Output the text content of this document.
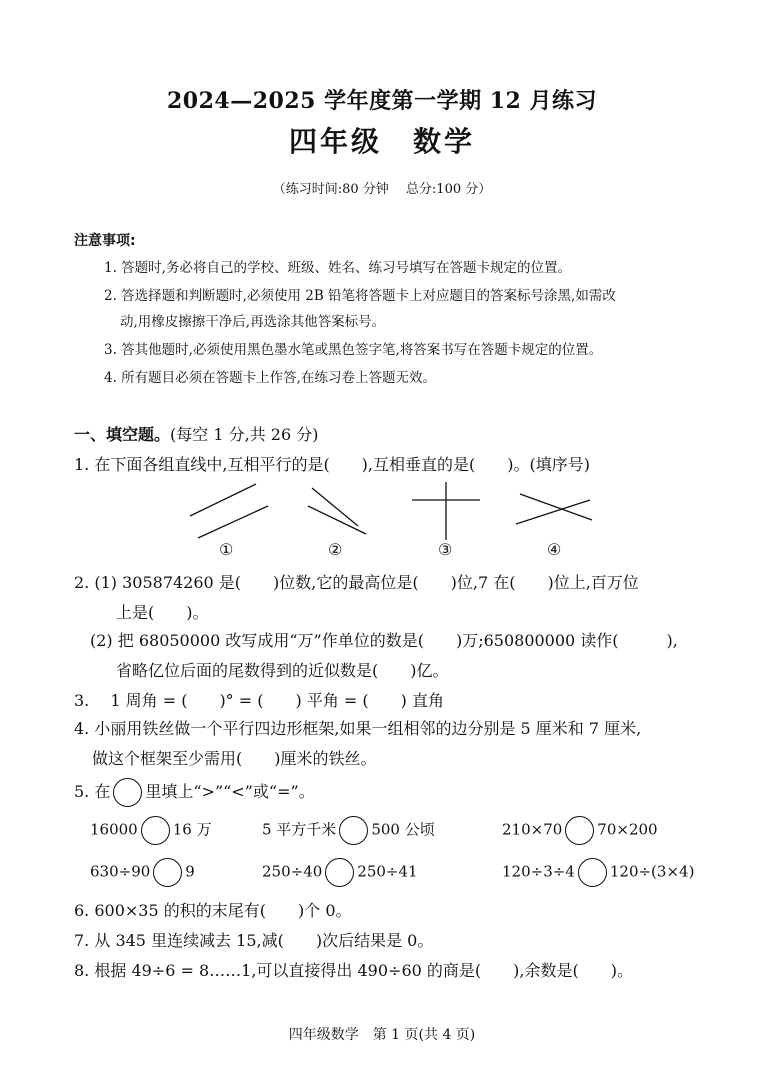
2024—2025 学年度第一学期 12 月练习
四年级　数学
（练习时间:80 分钟　 总分:100 分）
注意事项:
1. 答题时,务必将自己的学校、班级、姓名、练习号填写在答题卡规定的位置。
2. 答选择题和判断题时,必须使用 2B 铅笔将答题卡上对应题目的答案标号涂黑,如需改
动,用橡皮擦擦干净后,再选涂其他答案标号。
3. 答其他题时,必须使用黑色墨水笔或黑色签字笔,将答案书写在答题卡规定的位置。
4. 所有题目必须在答题卡上作答,在练习卷上答题无效。
一、填空题。(每空 1 分,共 26 分)
1. 在下面各组直线中,互相平行的是(　　),互相垂直的是(　　)。(填序号)
①	②	③	④
2. (1) 305874260 是(　　)位数,它的最高位是(　　)位,7 在(　　)位上,百万位
上是(　　)。
(2) 把 68050000 改写成用“万”作单位的数是(　　)万;650800000 读作(　　　),
省略亿位后面的尾数得到的近似数是(　　)亿。
3.　 1 周角 = (　　)° = (　　) 平角 = (　　) 直角
4. 小丽用铁丝做一个平行四边形框架,如果一组相邻的边分别是 5 厘米和 7 厘米,
做这个框架至少需用(　　)厘米的铁丝。
5. 在 里填上“>”“<”或“=”。
16000 16 万	5 平方千米 500 公顷	210×70 70×200
630÷90 9	250÷40 250÷41	120÷3÷4 120÷(3×4)
6. 600×35 的积的末尾有(　　)个 0。
7. 从 345 里连续减去 15,减(　　)次后结果是 0。
8. 根据 49÷6 = 8……1,可以直接得出 490÷60 的商是(　　),余数是(　　)。
四年级数学　第 1 页(共 4 页)
